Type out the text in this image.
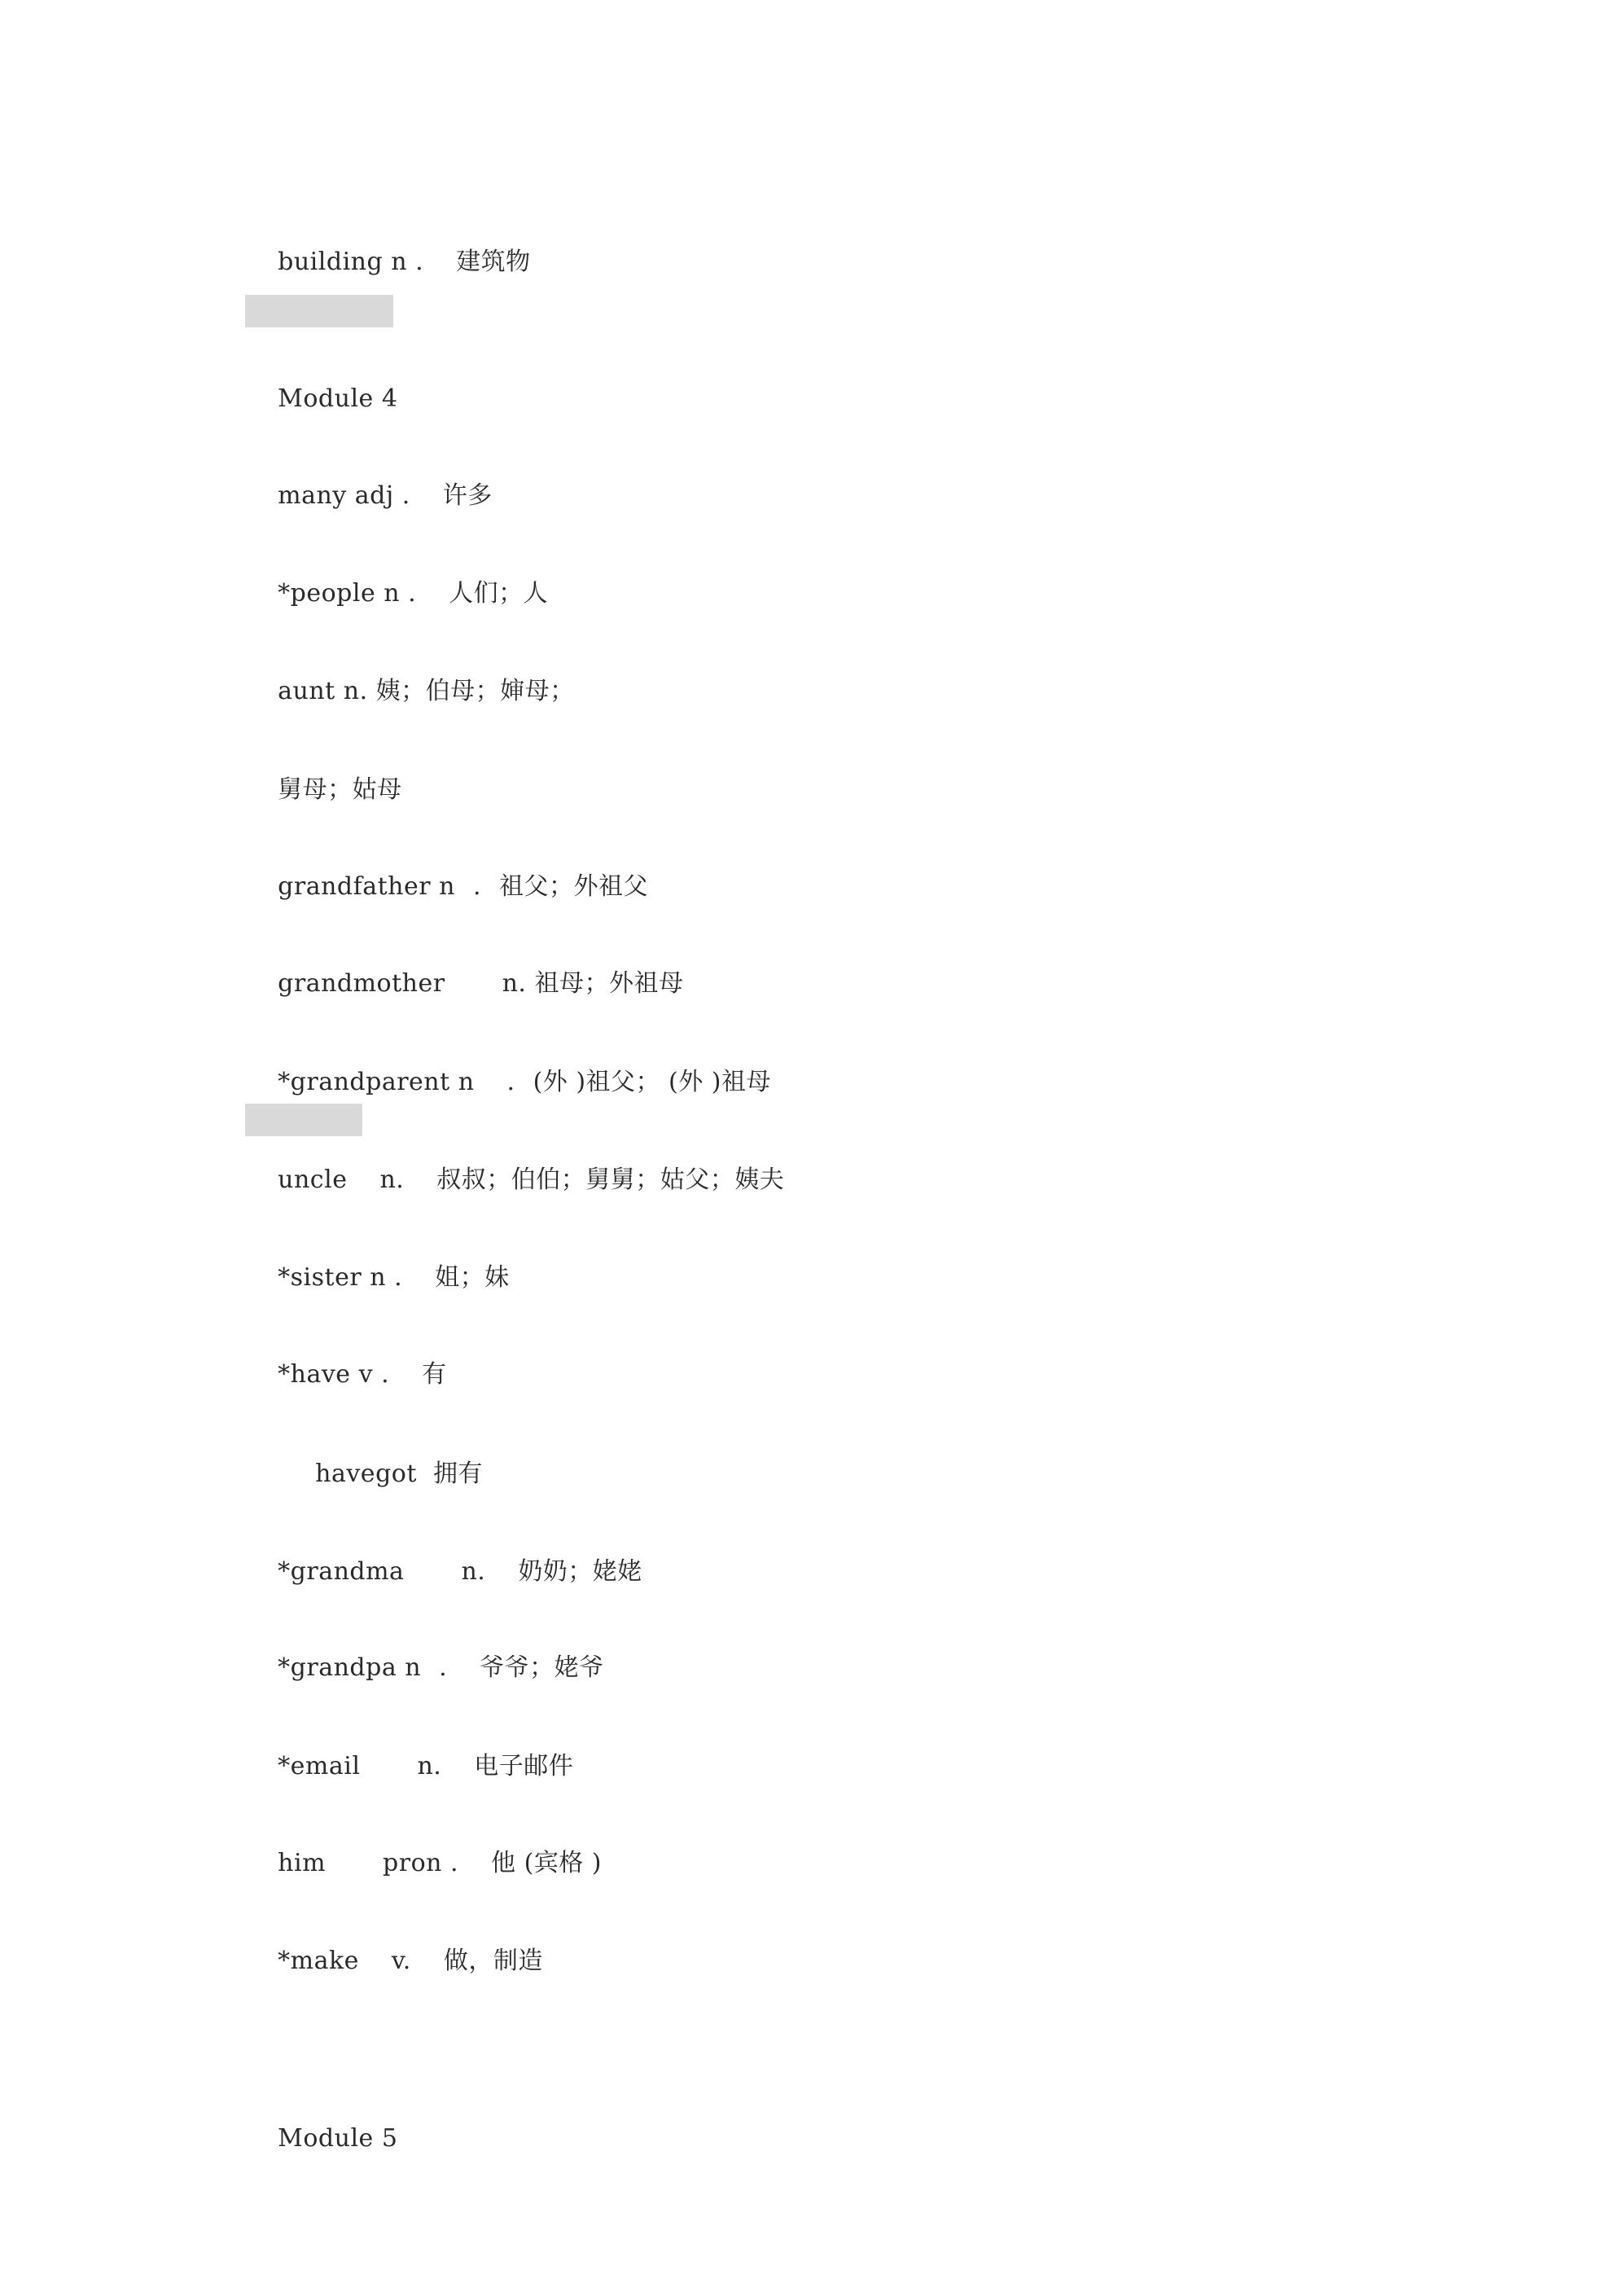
building n . 建筑物

Module 4

many adj . 许多

*people n . 人们；人

aunt n. 姨；伯母；婶母；

舅母；姑母

grandfather n . 祖父；外祖父

grandmother n. 祖母；外祖母

*grandparent n . (外 )祖父； (外 )祖母

uncle n. 叔叔；伯伯；舅舅；姑父；姨夫

*sister n . 姐；妹

*have v . 有

havegot  拥有

*grandma n. 奶奶；姥姥

*grandpa n . 爷爷；姥爷

*email n. 电子邮件

him pron . 他 (宾格 )

*make v. 做，制造

Module 5
